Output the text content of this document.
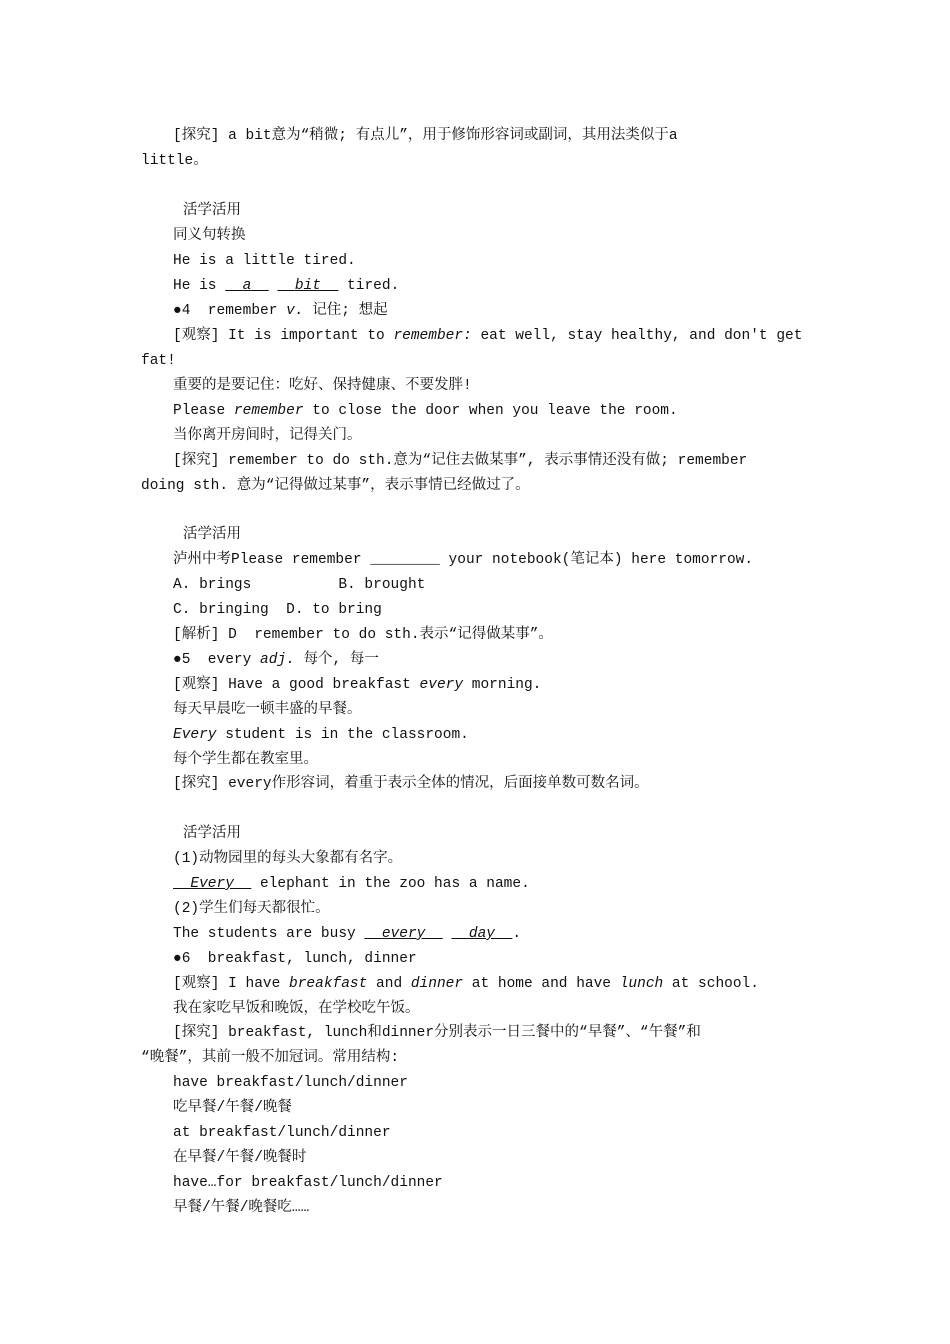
[探究] a bit意为“稍微; 有点儿”，用于修饰形容词或副词，其用法类似于a
little。
活学活用
同义句转换
He is a little tired.
He is   a	bit   tired.
●4  remember v. 记住; 想起
[观察] It is important to remember: eat well, stay healthy, and don't get
fat!
重要的是要记住：吃好、保持健康、不要发胖!
Please remember to close the door when you leave the room.
当你离开房间时，记得关门。
[探究] remember to do sth.意为“记住去做某事”, 表示事情还没有做; remember
doing sth. 意为“记得做过某事”，表示事情已经做过了。
活学活用
泸州中考Please remember ________ your notebook(笔记本) here tomorrow.
A. brings          B. brought
C. bringing  D. to bring
[解析] D  remember to do sth.表示“记得做某事”。
●5  every adj. 每个, 每一
[观察] Have a good breakfast every morning.
每天早晨吃一顿丰盛的早餐。
Every student is in the classroom.
每个学生都在教室里。
[探究] every作形容词，着重于表示全体的情况，后面接单数可数名词。
活学活用
(1)动物园里的每头大象都有名字。
Every   elephant in the zoo has a name.
(2)学生们每天都很忙。
The students are busy   every	day .
●6  breakfast, lunch, dinner
[观察] I have breakfast and dinner at home and have lunch at school.
我在家吃早饭和晚饭，在学校吃午饭。
[探究] breakfast, lunch和dinner分别表示一日三餐中的“早餐”、“午餐”和
“晚餐”，其前一般不加冠词。常用结构:
have breakfast/lunch/dinner
吃早餐/午餐/晚餐
at breakfast/lunch/dinner
在早餐/午餐/晚餐时
have…for breakfast/lunch/dinner
早餐/午餐/晚餐吃……
